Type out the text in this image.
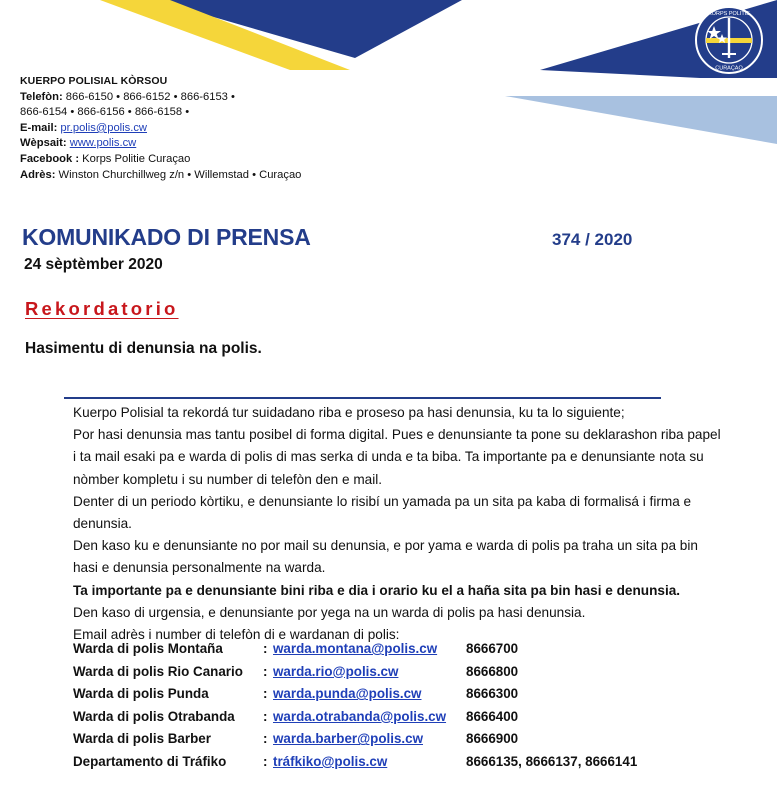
KORPS POLITIE
CURAÇAO
KUERPO POLISIAL KÒRSOU
Telefòn: 866-6150 • 866-6152 • 866-6153 •
866-6154 • 866-6156 • 866-6158 •
E-mail: pr.polis@polis.cw
Wèpsait: www.polis.cw
Facebook : Korps Politie Curaçao
Adrès: Winston Churchillweg z/n • Willemstad • Curaçao
KOMUNIKADO DI PRENSA	374 / 2020
24 sèptèmber 2020
Rekordatorio
Hasimentu di denunsia na polis.

Kuerpo Polisial ta rekordá tur suidadano riba e proseso pa hasi denunsia, ku ta lo siguiente;

Por hasi denunsia mas tantu posibel di forma digital. Pues e denunsiante ta pone su deklarashon riba papel i ta mail esaki pa e warda di polis di mas serka di unda e ta biba. Ta importante pa e denunsiante nota su nòmber kompletu i su number di telefòn den e mail.

Denter di un periodo kòrtiku, e denunsiante lo risibí un yamada pa un sita pa kaba di formalisá i firma e denunsia.

Den kaso ku e denunsiante no por mail su denunsia, e por yama e warda di polis pa traha un sita pa bin hasi e denunsia personalmente na warda.

Ta importante pa e denunsiante bini riba e dia i orario ku el a haña sita pa bin hasi e denunsia.

Den kaso di urgensia, e denunsiante por yega na un warda di polis pa hasi denunsia.

Email adrès i number di telefòn di e wardanan di polis:

Warda di polis Montaña	: warda.montana@polis.cw 8666700
Warda di polis Rio Canario : warda.rio@polis.cw	8666800
Warda di polis Punda	: warda.punda@polis.cw	8666300
Warda di polis Otrabanda : warda.otrabanda@polis.cw 8666400
Warda di polis Barber	: warda.barber@polis.cw	8666900
Departamento di Tráfiko	: tráfkiko@polis.cw	8666135, 8666137, 8666141
